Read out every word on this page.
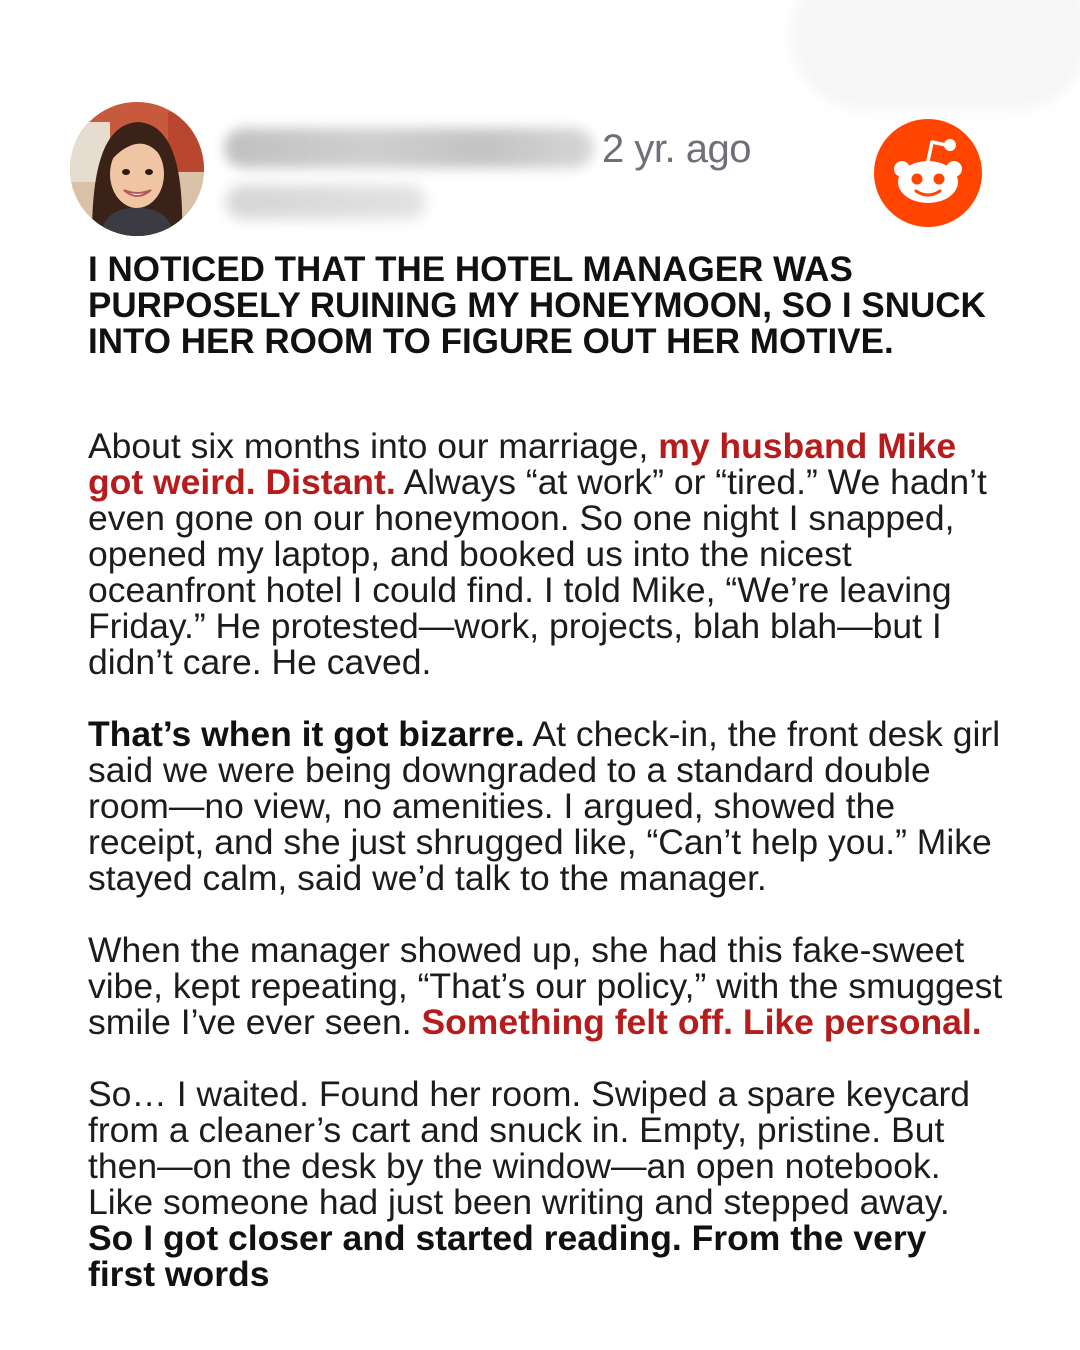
2 yr. ago
I NOTICED THAT THE HOTEL MANAGER WAS PURPOSELY RUINING MY HONEYMOON, SO I SNUCK INTO HER ROOM TO FIGURE OUT HER MOTIVE.

About six months into our marriage, my husband Mike got weird. Distant. Always “at work” or “tired.” We hadn’t even gone on our honeymoon. So one night I snapped, opened my laptop, and booked us into the nicest oceanfront hotel I could find. I told Mike, “We’re leaving Friday.” He protested—work, projects, blah blah—but I didn’t care. He caved.

That’s when it got bizarre. At check-in, the front desk girl said we were being downgraded to a standard double room—no view, no amenities. I argued, showed the receipt, and she just shrugged like, “Can’t help you.” Mike stayed calm, said we’d talk to the manager.

When the manager showed up, she had this fake-sweet vibe, kept repeating, “That’s our policy,” with the smuggest smile I’ve ever seen. Something felt off. Like personal.

So… I waited. Found her room. Swiped a spare keycard from a cleaner’s cart and snuck in. Empty, pristine. But then—on the desk by the window—an open notebook. Like someone had just been writing and stepped away. So I got closer and started reading. From the very first words
